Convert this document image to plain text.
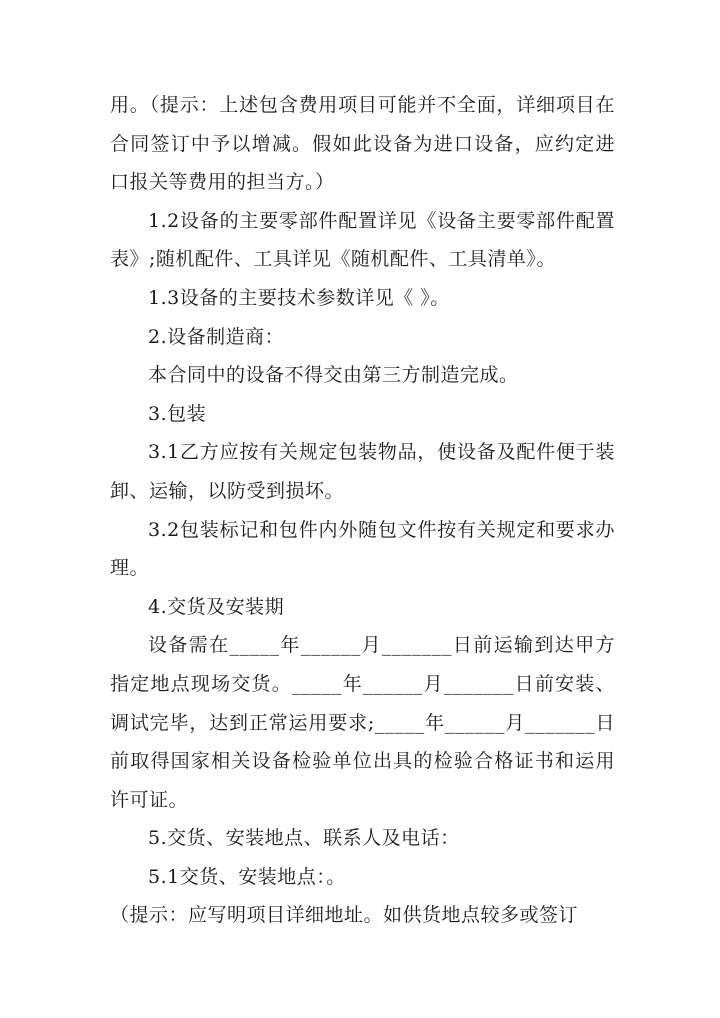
用。（提示：上述包含费用项目可能并不全面，详细项目在合同签订中予以增减。假如此设备为进口设备，应约定进口报关等费用的担当方。）

1.2设备的主要零部件配置详见《设备主要零部件配置表》;随机配件、工具详见《随机配件、工具清单》。

1.3设备的主要技术参数详见《 》。

2.设备制造商：

本合同中的设备不得交由第三方制造完成。

3.包装

3.1乙方应按有关规定包装物品，使设备及配件便于装卸、运输，以防受到损坏。

3.2包装标记和包件内外随包文件按有关规定和要求办理。

4.交货及安装期

设备需在_____年______月_______日前运输到达甲方指定地点现场交货。_____年______月_______日前安装、调试完毕，达到正常运用要求;_____年______月_______日前取得国家相关设备检验单位出具的检验合格证书和运用许可证。

5.交货、安装地点、联系人及电话：

5.1交货、安装地点：。

（提示：应写明项目详细地址。如供货地点较多或签订
